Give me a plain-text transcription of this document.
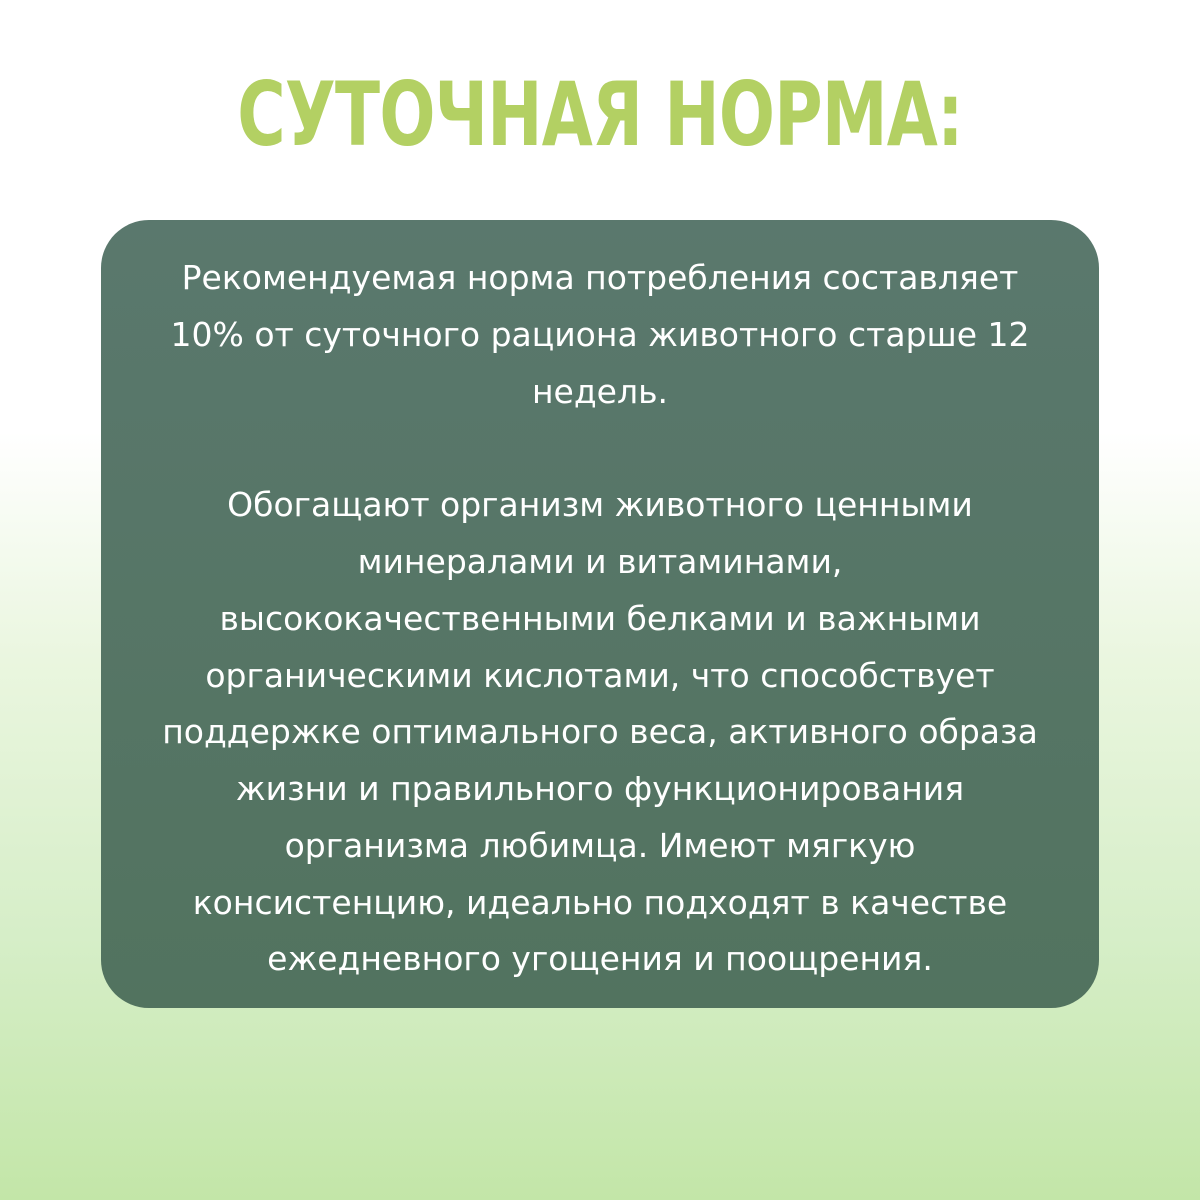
СУТОЧНАЯ НОРМА:

Рекомендуемая норма потребления составляет
10% от суточного рациона животного старше 12
недель.

Обогащают организм животного ценными
минералами и витаминами,
высококачественными белками и важными
органическими кислотами, что способствует
поддержке оптимального веса, активного образа
жизни и правильного функционирования
организма любимца. Имеют мягкую
консистенцию, идеально подходят в качестве
ежедневного угощения и поощрения.
